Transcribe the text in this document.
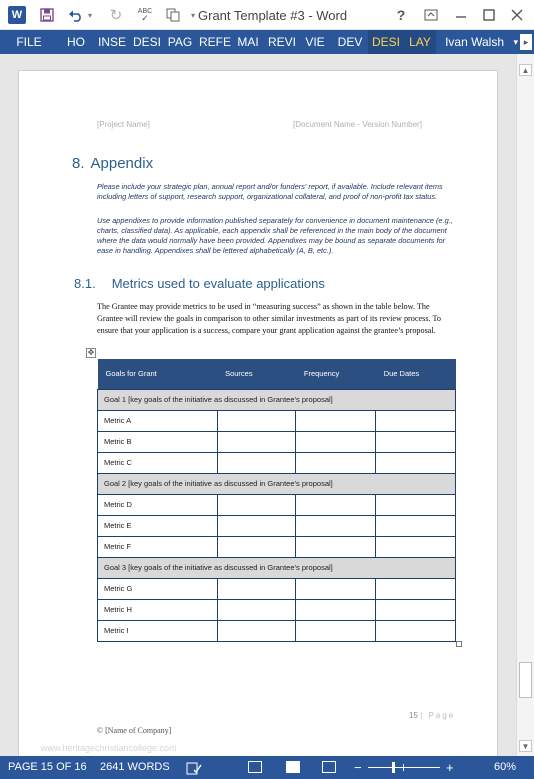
W	▾ ↻	ABC
✓	▾ Grant Template #3 - Word	?
FILE	HO	INSE DESI PAG REFE MAI REVI VIE	DEV DESI LAY	Ivan Walsh ▾ ▸
[Project Name]	[Document Name - Version Number]
8. Appendix
Please include your strategic plan, annual report and/or funders' report, if available. Include relevant items including letters of support, research support, organizational collateral, and proof of non-profit tax status.
Use appendixes to provide information published separately for convenience in document maintenance (e.g., charts, classified data). As applicable, each appendix shall be referenced in the main body of the document where the data would normally have been provided. Appendixes may be bound as separate documents for ease in handling. Appendixes shall be lettered alphabetically (A, B, etc.).
8.1. Metrics used to evaluate applications
The Grantee may provide metrics to be used in “measuring success” as shown in the table below. The Grantee will review the goals in comparison to other similar investments as part of its review process. To ensure that your application is a success, compare your grant application against the grantee’s proposal.
✥
Goals for Grant	Sources	Frequency	Due Dates
Goal 1 [key goals of the initiative as discussed in Grantee’s proposal]			
Metric A			
Metric B			
Metric C			
Goal 2 [key goals of the initiative as discussed in Grantee’s proposal]			
Metric D			
Metric E			
Metric F			
Goal 3 [key goals of the initiative as discussed in Grantee’s proposal]			
Metric G			
Metric H			
Metric I			
15 | Page
© [Name of Company]
www.heritagechristiancollege.com
▲
▼
PAGE 15 OF 16 2641 WORDS	−	+	60%
